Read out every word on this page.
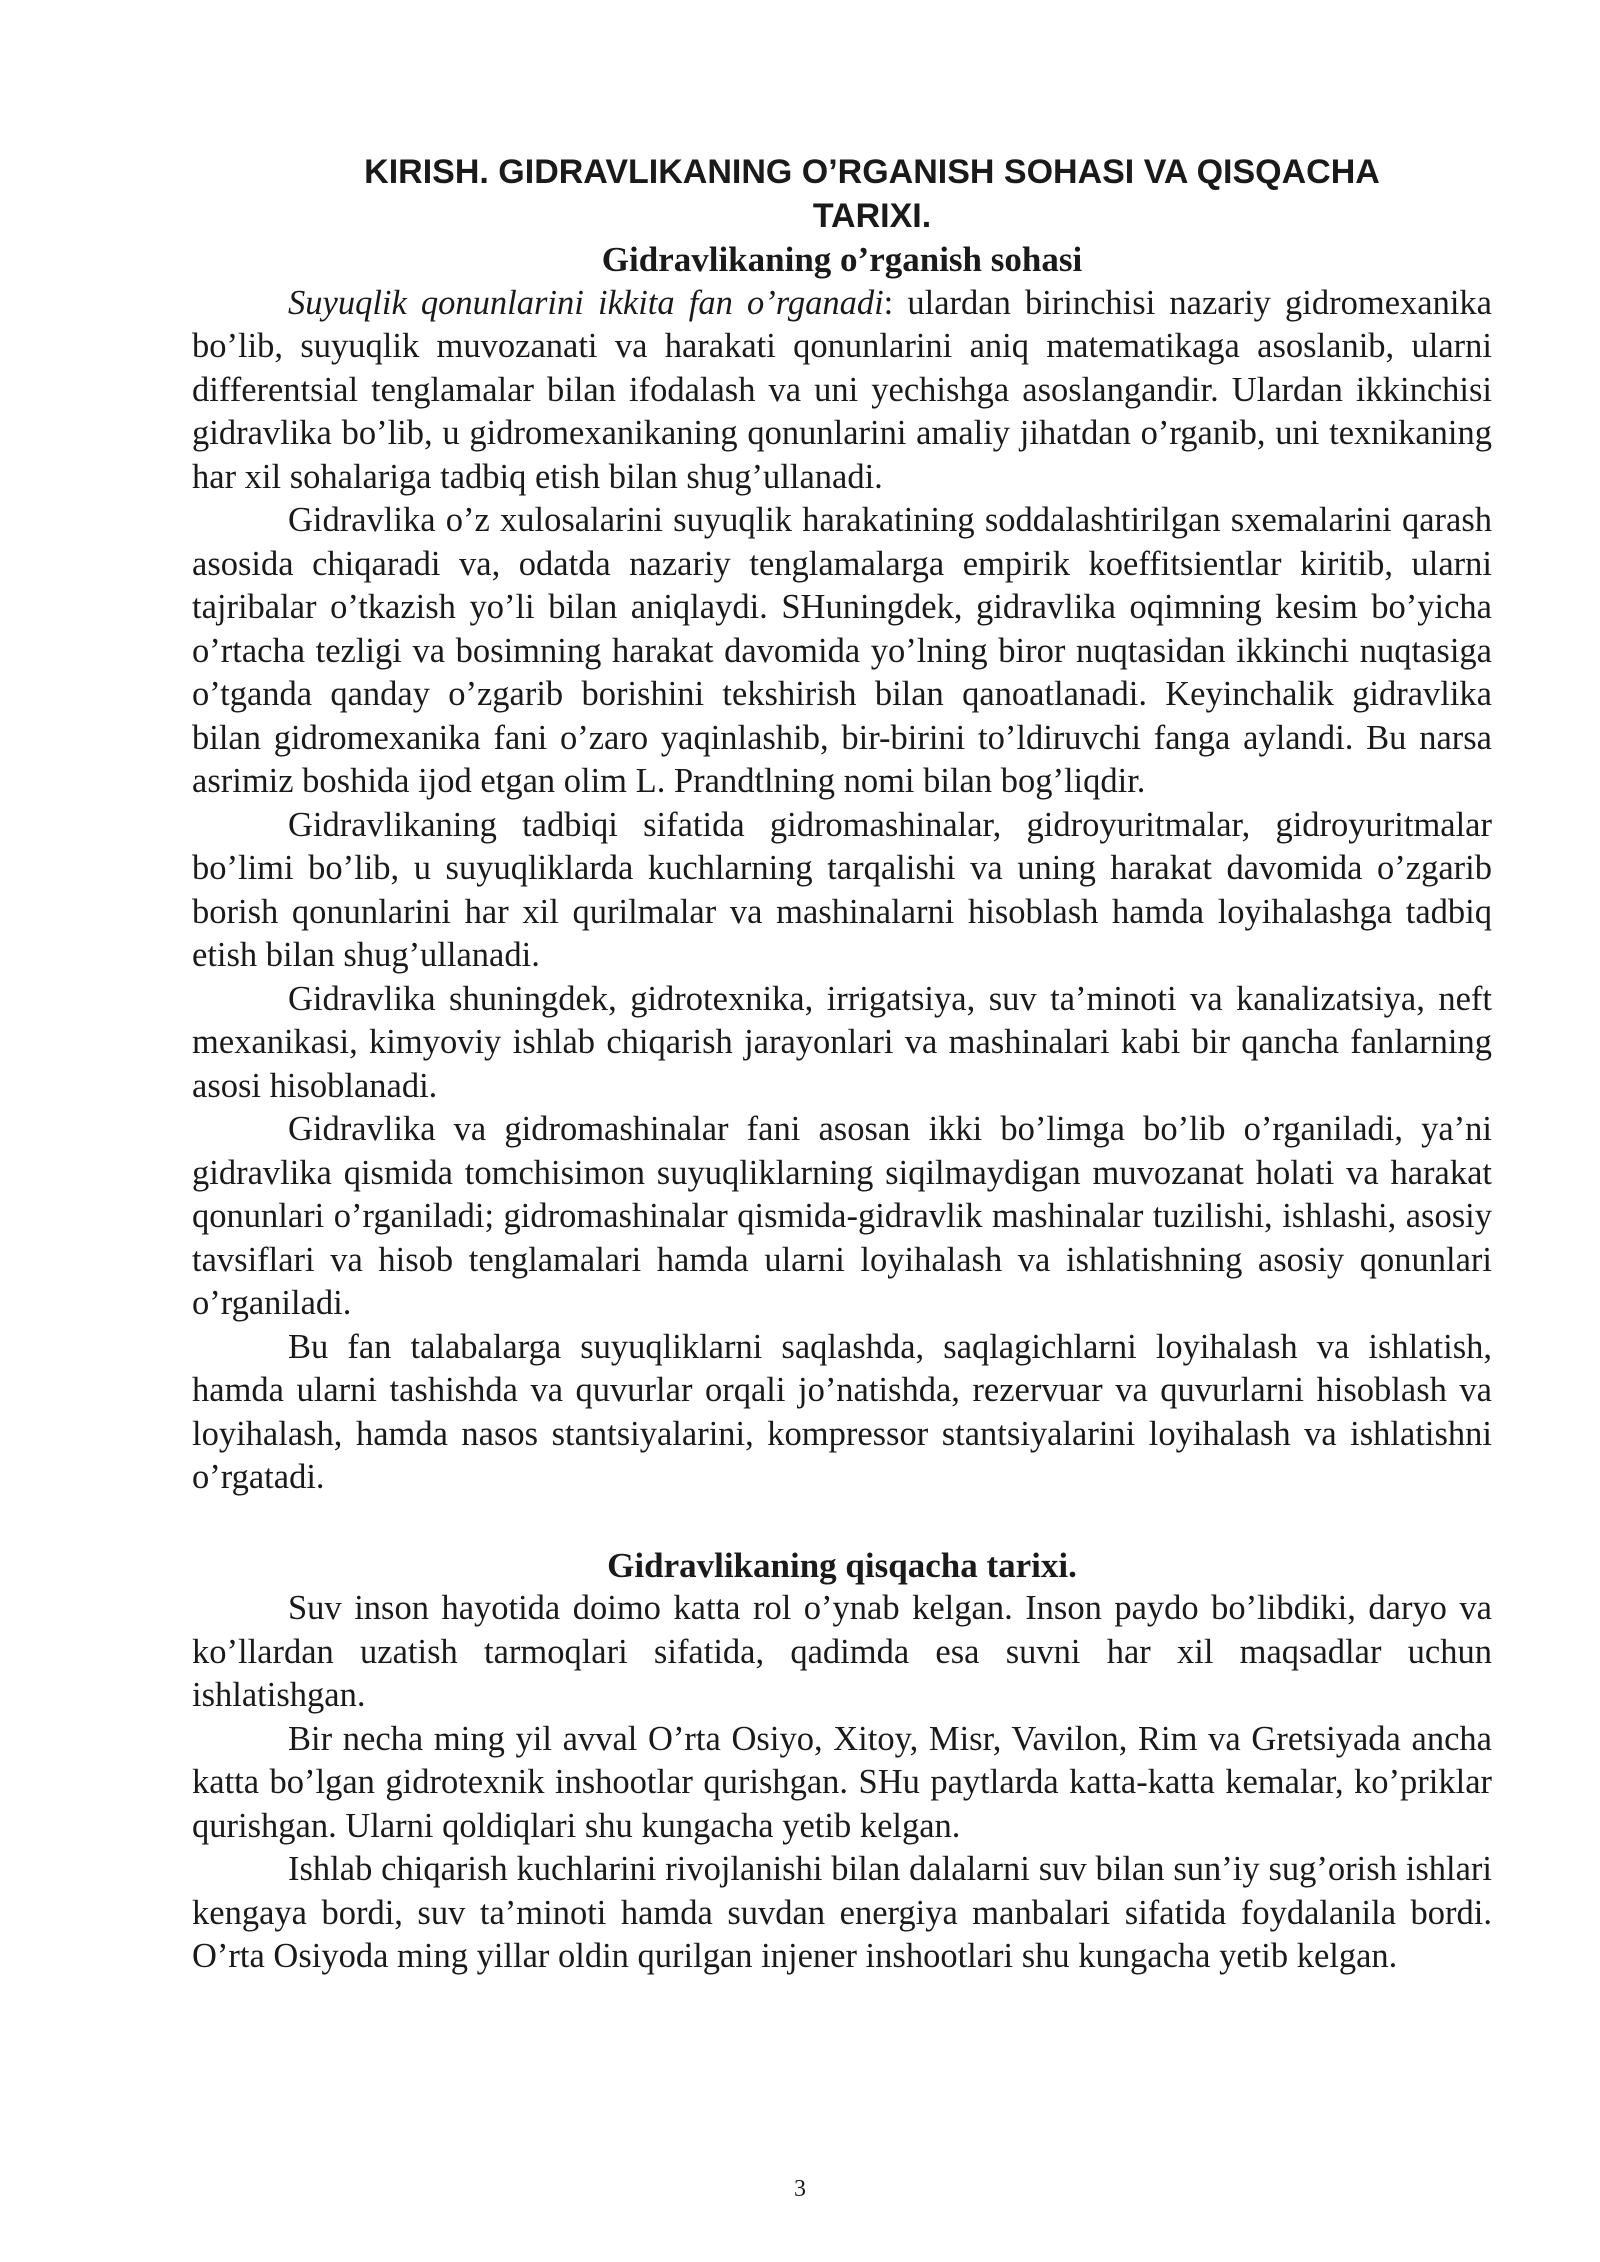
KIRISH. GIDRAVLIKANING O’RGANISH SOHASI VA QISQACHA
TARIXI.
Gidravlikaning o’rganish sohasi

Suyuqlik qonunlarini ikkita fan o’rganadi: ulardan birinchisi nazariy gidromexanika bo’lib, suyuqlik muvozanati va harakati qonunlarini aniq matematikaga asoslanib, ularni differentsial tenglamalar bilan ifodalash va uni yechishga asoslangandir. Ulardan ikkinchisi gidravlika bo’lib, u gidromexanikaning qonunlarini amaliy jihatdan o’rganib, uni texnikaning har xil sohalariga tadbiq etish bilan shug’ullanadi.

Gidravlika o’z xulosalarini suyuqlik harakatining soddalashtirilgan sxemalarini qarash asosida chiqaradi va, odatda nazariy tenglamalarga empirik koeffitsientlar kiritib, ularni tajribalar o’tkazish yo’li bilan aniqlaydi. SHuningdek, gidravlika oqimning kesim bo’yicha o’rtacha tezligi va bosimning harakat davomida yo’lning biror nuqtasidan ikkinchi nuqtasiga o’tganda qanday o’zgarib borishini tekshirish bilan qanoatlanadi. Keyinchalik gidravlika bilan gidromexanika fani o’zaro yaqinlashib, bir-birini to’ldiruvchi fanga aylandi. Bu narsa asrimiz boshida ijod etgan olim L. Prandtlning nomi bilan bog’liqdir.

Gidravlikaning tadbiqi sifatida gidromashinalar, gidroyuritmalar, gidroyuritmalar bo’limi bo’lib, u suyuqliklarda kuchlarning tarqalishi va uning harakat davomida o’zgarib borish qonunlarini har xil qurilmalar va mashinalarni hisoblash hamda loyihalashga tadbiq etish bilan shug’ullanadi.

Gidravlika shuningdek, gidrotexnika, irrigatsiya, suv ta’minoti va kanalizatsiya, neft mexanikasi, kimyoviy ishlab chiqarish jarayonlari va mashinalari kabi bir qancha fanlarning asosi hisoblanadi.

Gidravlika va gidromashinalar fani asosan ikki bo’limga bo’lib o’rganiladi, ya’ni gidravlika qismida tomchisimon suyuqliklarning siqilmaydigan muvozanat holati va harakat qonunlari o’rganiladi; gidromashinalar qismida-gidravlik mashinalar tuzilishi, ishlashi, asosiy tavsiflari va hisob tenglamalari hamda ularni loyihalash va ishlatishning asosiy qonunlari o’rganiladi.

Bu fan talabalarga suyuqliklarni saqlashda, saqlagichlarni loyihalash va ishlatish, hamda ularni tashishda va quvurlar orqali jo’natishda, rezervuar va quvurlarni hisoblash va loyihalash, hamda nasos stantsiyalarini, kompressor stantsiyalarini loyihalash va ishlatishni o’rgatadi.

Gidravlikaning qisqacha tarixi.

Suv inson hayotida doimo katta rol o’ynab kelgan. Inson paydo bo’libdiki, daryo va ko’llardan uzatish tarmoqlari sifatida, qadimda esa suvni har xil maqsadlar uchun ishlatishgan.

Bir necha ming yil avval O’rta Osiyo, Xitoy, Misr, Vavilon, Rim va Gretsiyada ancha katta bo’lgan gidrotexnik inshootlar qurishgan. SHu paytlarda katta-katta kemalar, ko’priklar qurishgan. Ularni qoldiqlari shu kungacha yetib kelgan.

Ishlab chiqarish kuchlarini rivojlanishi bilan dalalarni suv bilan sun’iy sug’orish ishlari kengaya bordi, suv ta’minoti hamda suvdan energiya manbalari sifatida foydalanila bordi. O’rta Osiyoda ming yillar oldin qurilgan injener inshootlari shu kungacha yetib kelgan.

3
